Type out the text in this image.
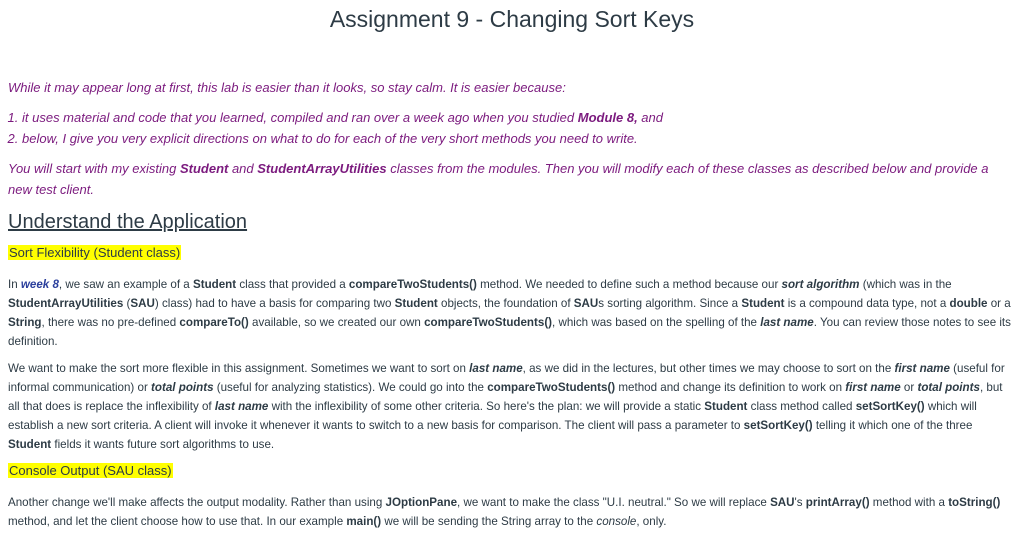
Assignment 9 - Changing Sort Keys
While it may appear long at first, this lab is easier than it looks, so stay calm. It is easier because:
1. it uses material and code that you learned, compiled and ran over a week ago when you studied Module 8, and
2. below, I give you very explicit directions on what to do for each of the very short methods you need to write.
You will start with my existing Student and StudentArrayUtilities classes from the modules. Then you will modify each of these classes as described below and provide a new test client.
Understand the Application
Sort Flexibility (Student class)
In week 8, we saw an example of a Student class that provided a compareTwoStudents() method. We needed to define such a method because our sort algorithm (which was in the StudentArrayUtilities (SAU) class) had to have a basis for comparing two Student objects, the foundation of SAUs sorting algorithm. Since a Student is a compound data type, not a double or a String, there was no pre-defined compareTo() available, so we created our own compareTwoStudents(), which was based on the spelling of the last name. You can review those notes to see its definition.
We want to make the sort more flexible in this assignment. Sometimes we want to sort on last name, as we did in the lectures, but other times we may choose to sort on the first name (useful for informal communication) or total points (useful for analyzing statistics). We could go into the compareTwoStudents() method and change its definition to work on first name or total points, but all that does is replace the inflexibility of last name with the inflexibility of some other criteria. So here's the plan: we will provide a static Student class method called setSortKey() which will establish a new sort criteria. A client will invoke it whenever it wants to switch to a new basis for comparison. The client will pass a parameter to setSortKey() telling it which one of the three Student fields it wants future sort algorithms to use.
Console Output (SAU class)
Another change we'll make affects the output modality. Rather than using JOptionPane, we want to make the class "U.I. neutral." So we will replace SAU's printArray() method with a toString() method, and let the client choose how to use that. In our example main() we will be sending the String array to the console, only.
